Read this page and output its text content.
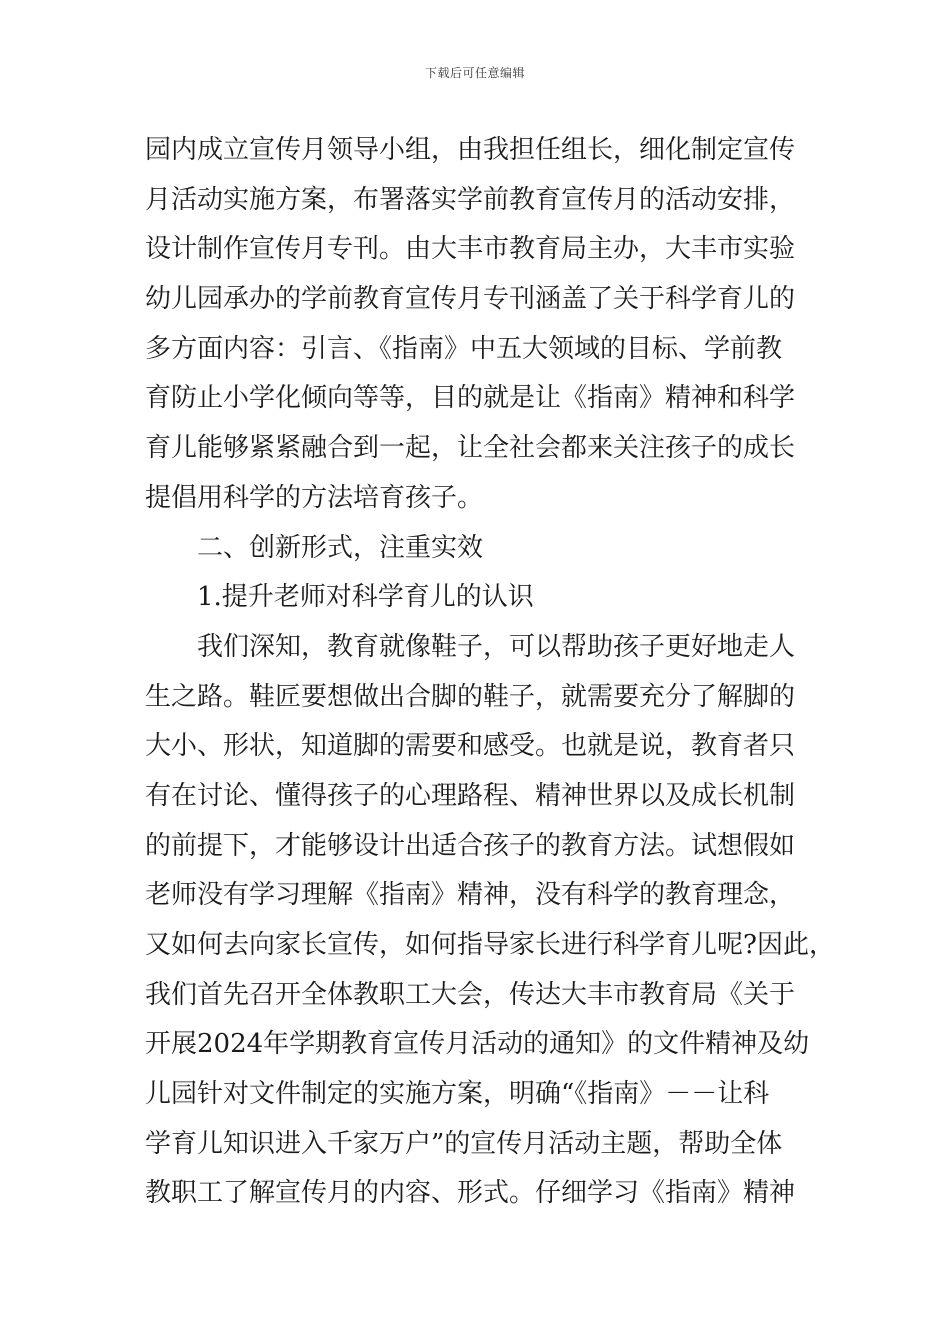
下载后可任意编辑
园内成立宣传月领导小组，由我担任组长，细化制定宣传
月活动实施方案，布署落实学前教育宣传月的活动安排，
设计制作宣传月专刊。由大丰市教育局主办，大丰市实验
幼儿园承办的学前教育宣传月专刊涵盖了关于科学育儿的
多方面内容：引言、《指南》中五大领域的目标、学前教
育防止小学化倾向等等，目的就是让《指南》精神和科学
育儿能够紧紧融合到一起，让全社会都来关注孩子的成长
提倡用科学的方法培育孩子。
二、创新形式，注重实效
1.提升老师对科学育儿的认识
我们深知，教育就像鞋子，可以帮助孩子更好地走人
生之路。鞋匠要想做出合脚的鞋子，就需要充分了解脚的
大小、形状，知道脚的需要和感受。也就是说，教育者只
有在讨论、懂得孩子的心理路程、精神世界以及成长机制
的前提下，才能够设计出适合孩子的教育方法。试想假如
老师没有学习理解《指南》精神，没有科学的教育理念，
又如何去向家长宣传，如何指导家长进行科学育儿呢?因此，
我们首先召开全体教职工大会，传达大丰市教育局《关于
开展2024年学期教育宣传月活动的通知》的文件精神及幼
儿园针对文件制定的实施方案，明确“《指南》－－让科
学育儿知识进入千家万户”的宣传月活动主题，帮助全体
教职工了解宣传月的内容、形式。仔细学习《指南》精神
